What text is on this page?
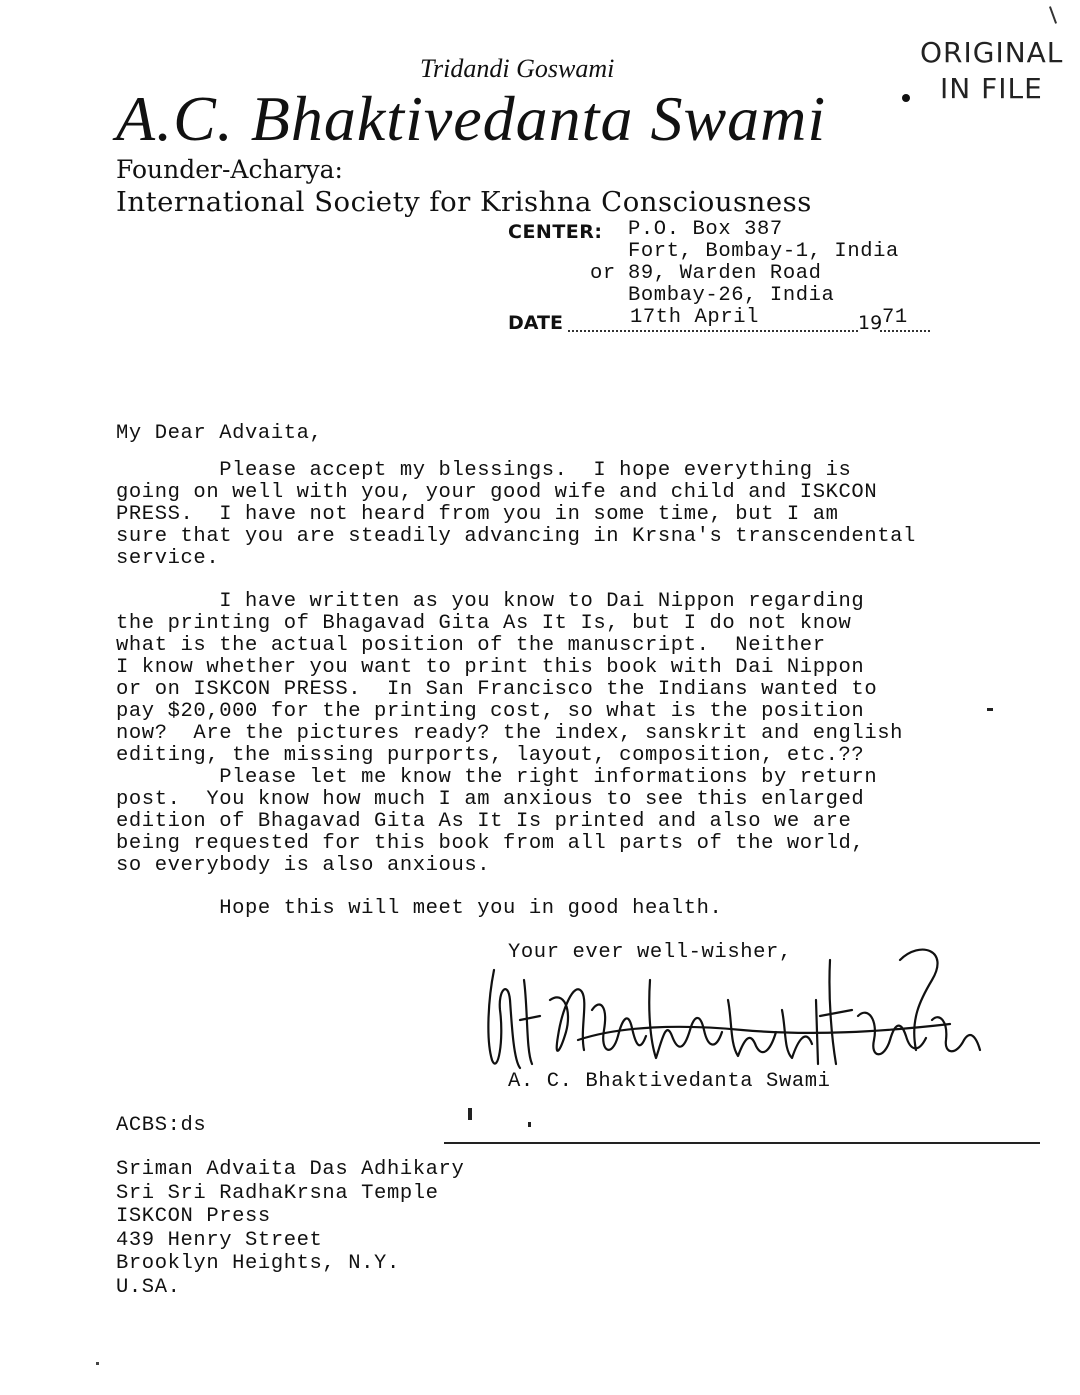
ORIGINAL
IN FILE
Tridandi Goswami
A.C. Bhaktivedanta Swami
Founder-Acharya:
International Society for Krishna Consciousness
CENTER: P.O. Box 387
Fort, Bombay-1, India
or 89, Warden Road
Bombay-26, India
DATE	17th April	19 71
My Dear Advaita,
Please accept my blessings.  I hope everything is
going on well with you, your good wife and child and ISKCON
PRESS.  I have not heard from you in some time, but I am
sure that you are steadily advancing in Krsna's transcendental
service.
I have written as you know to Dai Nippon regarding
the printing of Bhagavad Gita As It Is, but I do not know
what is the actual position of the manuscript.  Neither
I know whether you want to print this book with Dai Nippon
or on ISKCON PRESS.  In San Francisco the Indians wanted to
pay $20,000 for the printing cost, so what is the position
now?  Are the pictures ready? the index, sanskrit and english
editing, the missing purports, layout, composition, etc.??
Please let me know the right informations by return
post.  You know how much I am anxious to see this enlarged
edition of Bhagavad Gita As It Is printed and also we are
being requested for this book from all parts of the world,
so everybody is also anxious.
Hope this will meet you in good health.
Your ever well-wisher,
A. C. Bhaktivedanta Swami
ACBS:ds
Sriman Advaita Das Adhikary
Sri Sri RadhaKrsna Temple
ISKCON Press
439 Henry Street
Brooklyn Heights, N.Y.
U.SA.
